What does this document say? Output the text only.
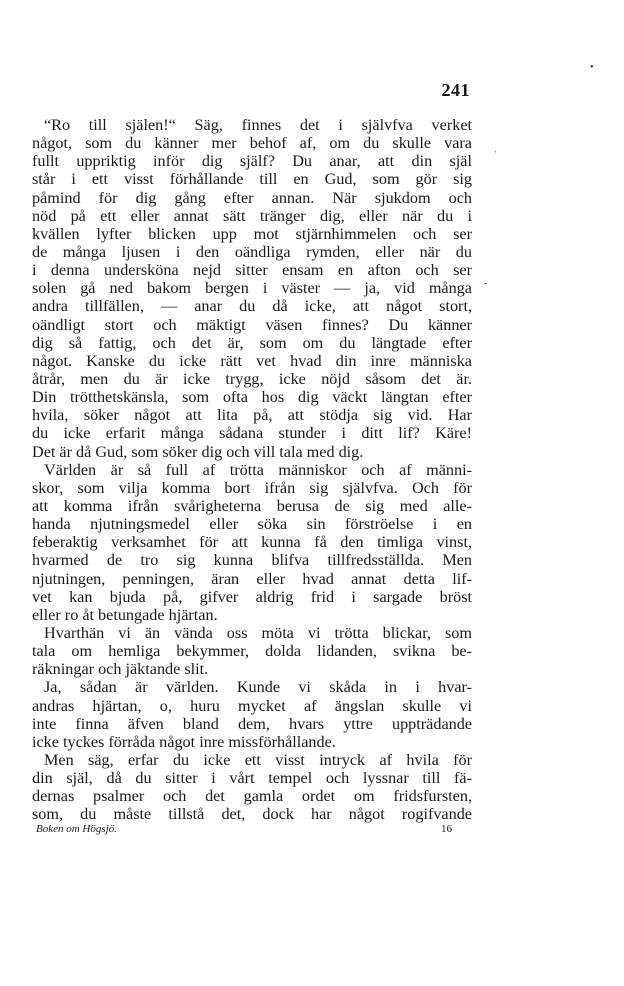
241
“Ro till själen!“ Säg, finnes det i självfva verket
något, som du känner mer behof af, om du skulle vara
fullt uppriktig inför dig själf? Du anar, att din själ
står i ett visst förhållande till en Gud, som gör sig
påmind för dig gång efter annan. När sjukdom och
nöd på ett eller annat sätt tränger dig, eller när du i
kvällen lyfter blicken upp mot stjärnhimmelen och ser
de många ljusen i den oändliga rymden, eller när du
i denna undersköna nejd sitter ensam en afton och ser
solen gå ned bakom bergen i väster — ja, vid många
andra tillfällen, — anar du då icke, att något stort,
oändligt stort och mäktigt väsen finnes? Du känner
dig så fattig, och det är, som om du längtade efter
något. Kanske du icke rätt vet hvad din inre människa
åtrår, men du är icke trygg, icke nöjd såsom det är.
Din trötthetskänsla, som ofta hos dig väckt längtan efter
hvila, söker något att lita på, att stödja sig vid. Har
du icke erfarit många sådana stunder i ditt lif? Käre!
Det är då Gud, som söker dig och vill tala med dig.
Världen är så full af trötta människor och af männi-
skor, som vilja komma bort ifrån sig självfva. Och för
att komma ifrån svårigheterna berusa de sig med alle-
handa njutningsmedel eller söka sin förströelse i en
feberaktig verksamhet för att kunna få den timliga vinst,
hvarmed de tro sig kunna blifva tillfredsställda. Men
njutningen, penningen, äran eller hvad annat detta lif-
vet kan bjuda på, gifver aldrig frid i sargade bröst
eller ro åt betungade hjärtan.
Hvarthän vi än vända oss möta vi trötta blickar, som
tala om hemliga bekymmer, dolda lidanden, svikna be-
räkningar och jäktande slit.
Ja, sådan är världen. Kunde vi skåda in i hvar-
andras hjärtan, o, huru mycket af ängslan skulle vi
inte finna äfven bland dem, hvars yttre uppträdande
icke tyckes förråda något inre missförhållande.
Men säg, erfar du icke ett visst intryck af hvila för
din själ, då du sitter i vårt tempel och lyssnar till fä-
dernas psalmer och det gamla ordet om fridsfursten,
som, du måste tillstå det, dock har något rogifvande
Boken om Högsjö.	16
•
ˈ
-
